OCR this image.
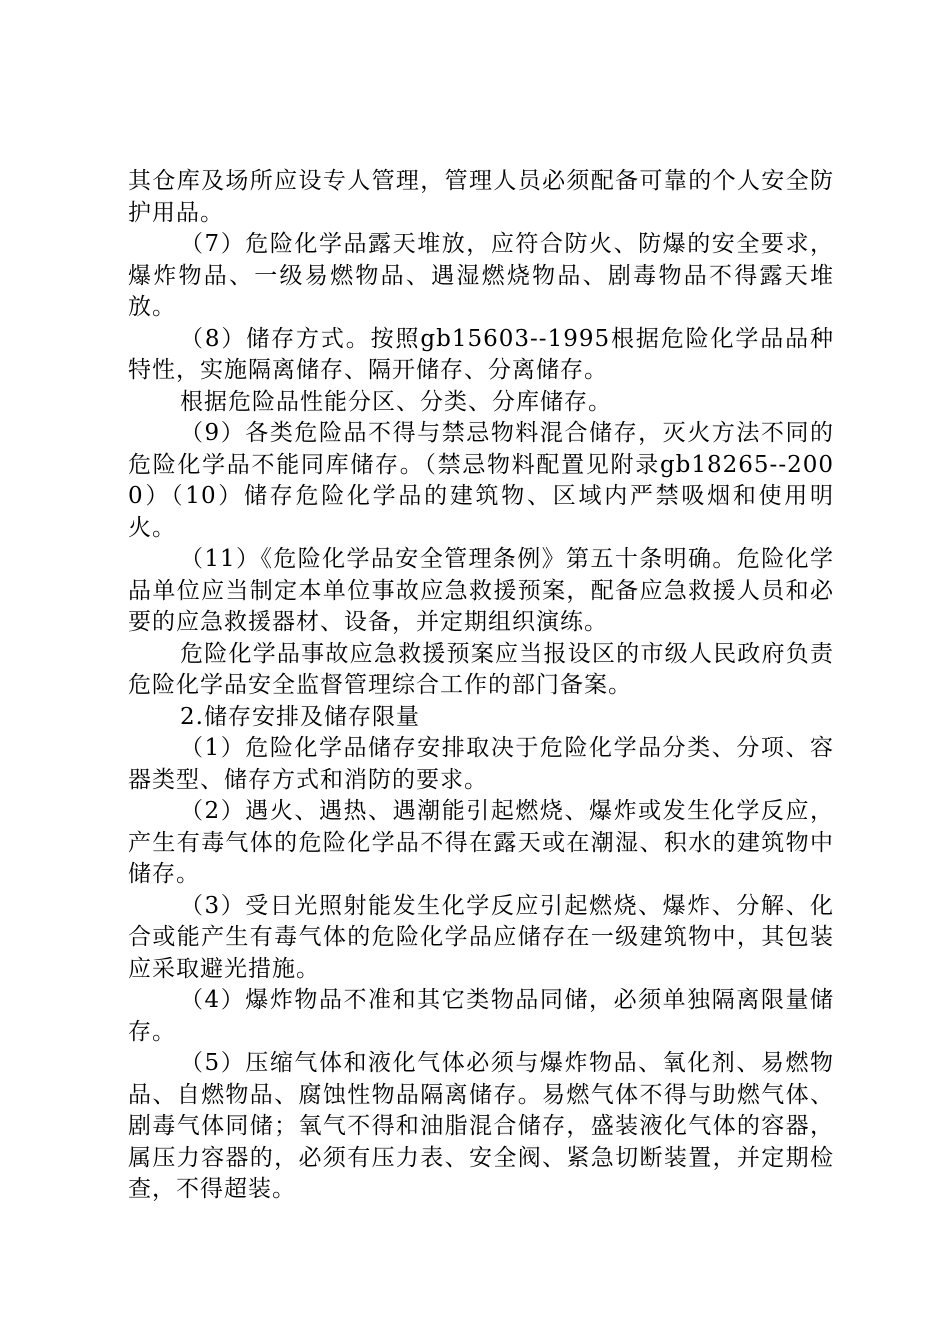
其仓库及场所应设专人管理，管理人员必须配备可靠的个人安全防护用品。

（7）危险化学品露天堆放，应符合防火、防爆的安全要求，爆炸物品、一级易燃物品、遇湿燃烧物品、剧毒物品不得露天堆放。

（8）储存方式。按照gb15603--1995根据危险化学品品种特性，实施隔离储存、隔开储存、分离储存。

根据危险品性能分区、分类、分库储存。

（9）各类危险品不得与禁忌物料混合储存，灭火方法不同的危险化学品不能同库储存。（禁忌物料配置见附录gb18265--2000）（10）储存危险化学品的建筑物、区域内严禁吸烟和使用明火。

（11）《危险化学品安全管理条例》第五十条明确。危险化学品单位应当制定本单位事故应急救援预案，配备应急救援人员和必要的应急救援器材、设备，并定期组织演练。

危险化学品事故应急救援预案应当报设区的市级人民政府负责危险化学品安全监督管理综合工作的部门备案。

2.储存安排及储存限量

（1）危险化学品储存安排取决于危险化学品分类、分项、容器类型、储存方式和消防的要求。

（2）遇火、遇热、遇潮能引起燃烧、爆炸或发生化学反应，产生有毒气体的危险化学品不得在露天或在潮湿、积水的建筑物中储存。

（3）受日光照射能发生化学反应引起燃烧、爆炸、分解、化合或能产生有毒气体的危险化学品应储存在一级建筑物中，其包装应采取避光措施。

（4）爆炸物品不准和其它类物品同储，必须单独隔离限量储存。

（5）压缩气体和液化气体必须与爆炸物品、氧化剂、易燃物品、自燃物品、腐蚀性物品隔离储存。易燃气体不得与助燃气体、剧毒气体同储；氧气不得和油脂混合储存，盛装液化气体的容器，属压力容器的，必须有压力表、安全阀、紧急切断装置，并定期检查，不得超装。
